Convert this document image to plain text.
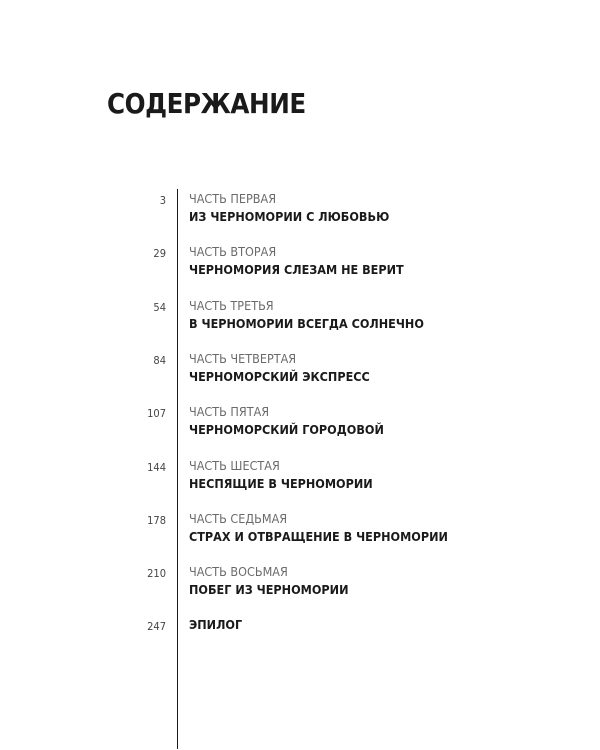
СОДЕРЖАНИЕ
3 ЧАСТЬ ПЕРВАЯ
ИЗ ЧЕРНОМОРИИ С ЛЮБОВЬЮ
29 ЧАСТЬ ВТОРАЯ
ЧЕРНОМОРИЯ СЛЕЗАМ НЕ ВЕРИТ
54 ЧАСТЬ ТРЕТЬЯ
В ЧЕРНОМОРИИ ВСЕГДА СОЛНЕЧНО
84 ЧАСТЬ ЧЕТВЕРТАЯ
ЧЕРНОМОРСКИЙ ЭКСПРЕСС
107 ЧАСТЬ ПЯТАЯ
ЧЕРНОМОРСКИЙ ГОРОДОВОЙ
144 ЧАСТЬ ШЕСТАЯ
НЕСПЯЩИЕ В ЧЕРНОМОРИИ
178 ЧАСТЬ СЕДЬМАЯ
СТРАХ И ОТВРАЩЕНИЕ В ЧЕРНОМОРИИ
210 ЧАСТЬ ВОСЬМАЯ
ПОБЕГ ИЗ ЧЕРНОМОРИИ
247 ЭПИЛОГ
